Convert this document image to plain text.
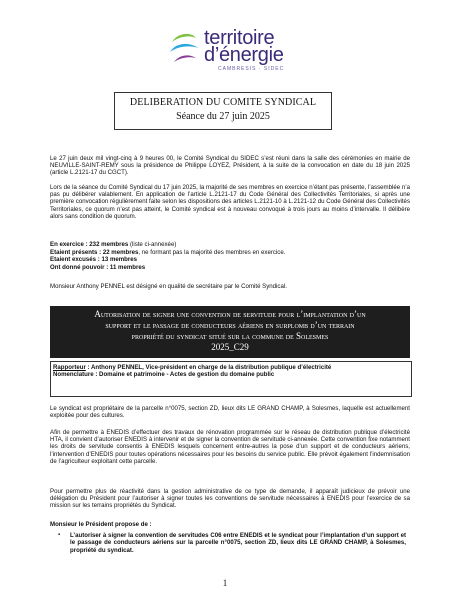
territoire
d’énergie
CAMBRESIS · SIDEC
DELIBERATION DU COMITE SYNDICAL
Séance du 27 juin 2025

Le 27 juin deux mil vingt-cinq à 9 heures 00, le Comité Syndical du SIDEC s’est réuni dans la salle des cérémonies en mairie de NEUVILLE-SAINT-REMY sous la présidence de Philippe LOYEZ, Président, à la suite de la convocation en date du 18 juin 2025 (article L.2121-17 du CGCT).

Lors de la séance du Comité Syndical du 17 juin 2025, la majorité de ses membres en exercice n’étant pas présente, l’assemblée n’a pas pu délibérer valablement. En application de l’article L.2121-17 du Code Général des Collectivités Territoriales, si après une première convocation régulièrement faite selon les dispositions des articles L.2121-10 à L.2121-12 du Code Général des Collectivités Territoriales, ce quorum n’est pas atteint, le Comité syndical est à nouveau convoqué à trois jours au moins d’intervalle. Il délibère alors sans condition de quorum.

En exercice : 232 membres (liste ci-annexée)
Etaient présents : 22 membres, ne formant pas la majorité des membres en exercice.
Etaient excusés : 13 membres
Ont donné pouvoir : 11 membres

Monsieur Anthony PENNEL est désigné en qualité de secrétaire par le Comité Syndical.

Autorisation de signer une convention de servitude pour l’implantation d’un
support et le passage de conducteurs aériens en surplomb d’un terrain
propriété du syndicat situé sur la commune de Solesmes
2025_C29
Rapporteur : Anthony PENNEL, Vice-président en charge de la distribution publique d’électricité
Nomenclature : Domaine et patrimoine - Actes de gestion du domaine public

Le syndicat est propriétaire de la parcelle n°0075, section ZD, lieux dits LE GRAND CHAMP, à Solesmes, laquelle est actuellement exploitée pour des cultures.

Afin de permettre à ENEDIS d’effectuer des travaux de rénovation programmée sur le réseau de distribution publique d’électricité HTA, il convient d’autoriser ENEDIS à intervenir et de signer la convention de servitude ci-annexée. Cette convention fixe notamment les droits de servitude consentis à ENEDIS lesquels concernent entre-autres la pose d’un support et de conducteurs aériens, l’intervention d’ENEDIS pour toutes opérations nécessaires pour les besoins du service public. Elle prévoit également l’indemnisation de l’agriculteur exploitant cette parcelle.

Pour permettre plus de réactivité dans la gestion administrative de ce type de demande, il apparaît judicieux de prévoir une délégation du Président pour l’autoriser à signer toutes les conventions de servitude nécessaires à ENEDIS pour l’exercice de sa mission sur les terrains propriétés du Syndicat.

Monsieur le Président propose de :

▪ L’autoriser à signer la convention de servitudes C06 entre ENEDIS et le syndicat pour l’implantation d’un support et le passage de conducteurs aériens sur la parcelle n°0075, section ZD, lieux dits LE GRAND CHAMP, à Solesmes, propriété du syndicat.
1
